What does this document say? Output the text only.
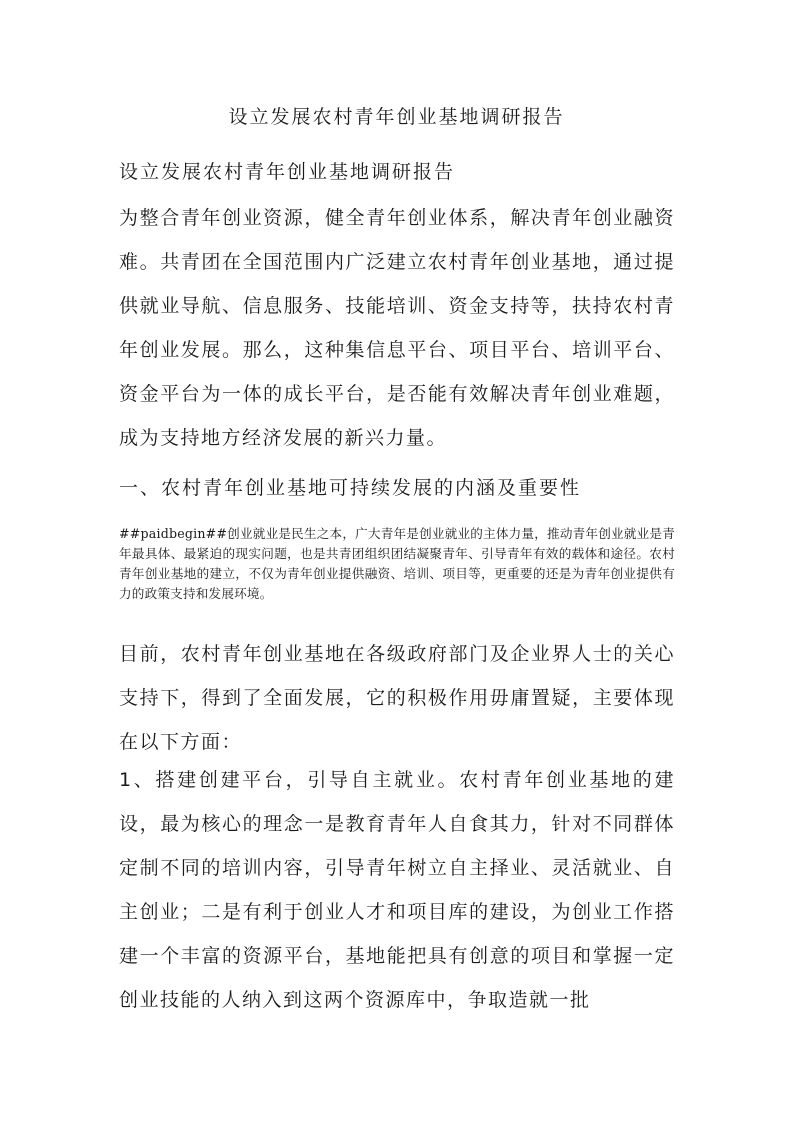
设立发展农村青年创业基地调研报告
设立发展农村青年创业基地调研报告
为整合青年创业资源，健全青年创业体系，解决青年创业融资难。共青团在全国范围内广泛建立农村青年创业基地，通过提供就业导航、信息服务、技能培训、资金支持等，扶持农村青年创业发展。那么，这种集信息平台、项目平台、培训平台、资金平台为一体的成长平台，是否能有效解决青年创业难题，成为支持地方经济发展的新兴力量。
一、农村青年创业基地可持续发展的内涵及重要性
##paidbegin##创业就业是民生之本，广大青年是创业就业的主体力量，推动青年创业就业是青年最具体、最紧迫的现实问题，也是共青团组织团结凝聚青年、引导青年有效的载体和途径。农村青年创业基地的建立，不仅为青年创业提供融资、培训、项目等，更重要的还是为青年创业提供有力的政策支持和发展环境。
目前，农村青年创业基地在各级政府部门及企业界人士的关心支持下，得到了全面发展，它的积极作用毋庸置疑，主要体现在以下方面：
1、搭建创建平台，引导自主就业。农村青年创业基地的建设，最为核心的理念一是教育青年人自食其力，针对不同群体定制不同的培训内容，引导青年树立自主择业、灵活就业、自主创业；二是有利于创业人才和项目库的建设，为创业工作搭建一个丰富的资源平台，基地能把具有创意的项目和掌握一定创业技能的人纳入到这两个资源库中，争取造就一批
